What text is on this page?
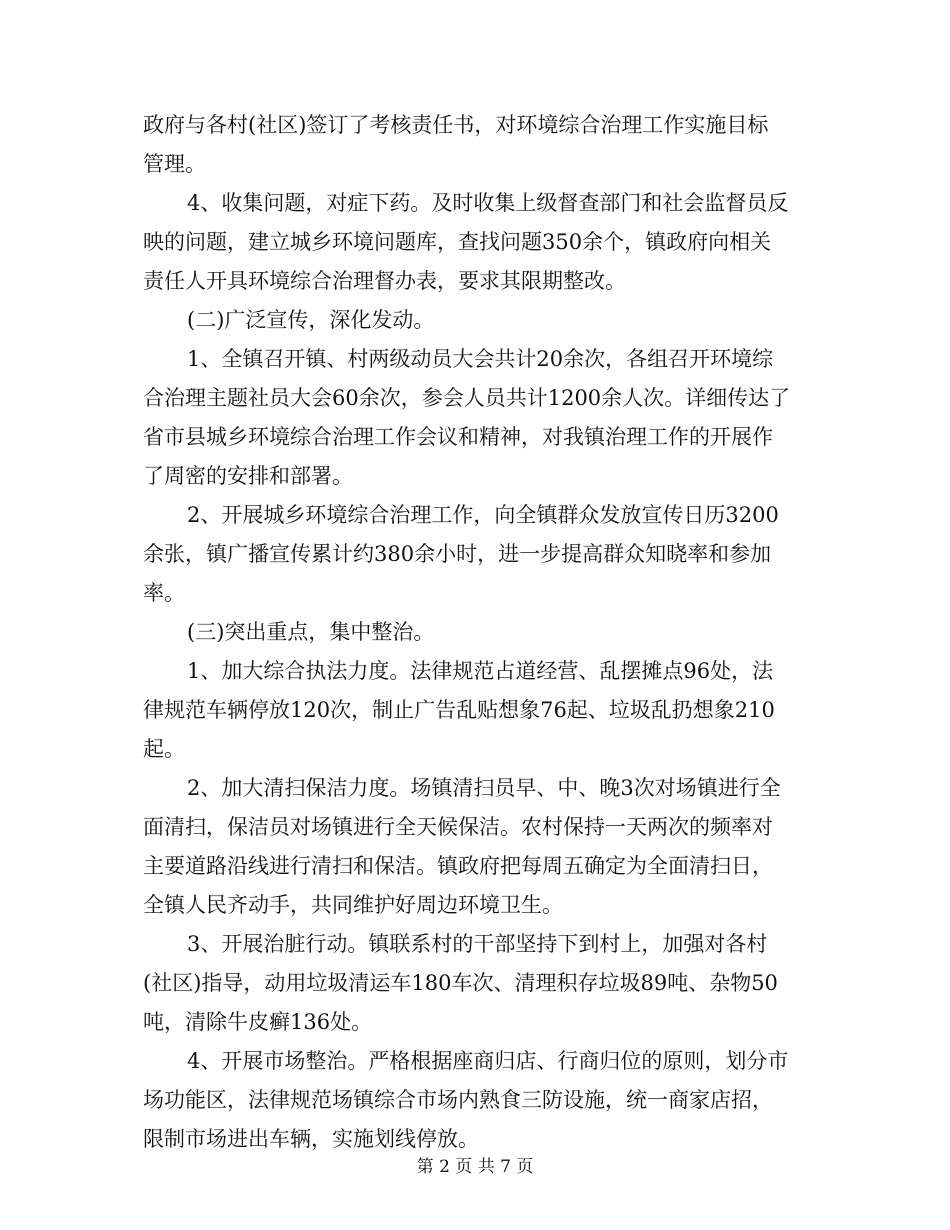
政府与各村(社区)签订了考核责任书，对环境综合治理工作实施目标
管理。
4、收集问题，对症下药。及时收集上级督查部门和社会监督员反
映的问题，建立城乡环境问题库，查找问题350余个，镇政府向相关
责任人开具环境综合治理督办表，要求其限期整改。
(二)广泛宣传，深化发动。
1、全镇召开镇、村两级动员大会共计20余次，各组召开环境综
合治理主题社员大会60余次，参会人员共计1200余人次。详细传达了
省市县城乡环境综合治理工作会议和精神，对我镇治理工作的开展作
了周密的安排和部署。
2、开展城乡环境综合治理工作，向全镇群众发放宣传日历3200
余张，镇广播宣传累计约380余小时，进一步提高群众知晓率和参加
率。
(三)突出重点，集中整治。
1、加大综合执法力度。法律规范占道经营、乱摆摊点96处，法
律规范车辆停放120次，制止广告乱贴想象76起、垃圾乱扔想象210
起。
2、加大清扫保洁力度。场镇清扫员早、中、晚3次对场镇进行全
面清扫，保洁员对场镇进行全天候保洁。农村保持一天两次的频率对
主要道路沿线进行清扫和保洁。镇政府把每周五确定为全面清扫日，
全镇人民齐动手，共同维护好周边环境卫生。
3、开展治脏行动。镇联系村的干部坚持下到村上，加强对各村
(社区)指导，动用垃圾清运车180车次、清理积存垃圾89吨、杂物50
吨，清除牛皮癣136处。
4、开展市场整治。严格根据座商归店、行商归位的原则，划分市
场功能区，法律规范场镇综合市场内熟食三防设施，统一商家店招，
限制市场进出车辆，实施划线停放。
第 2 页 共 7 页
